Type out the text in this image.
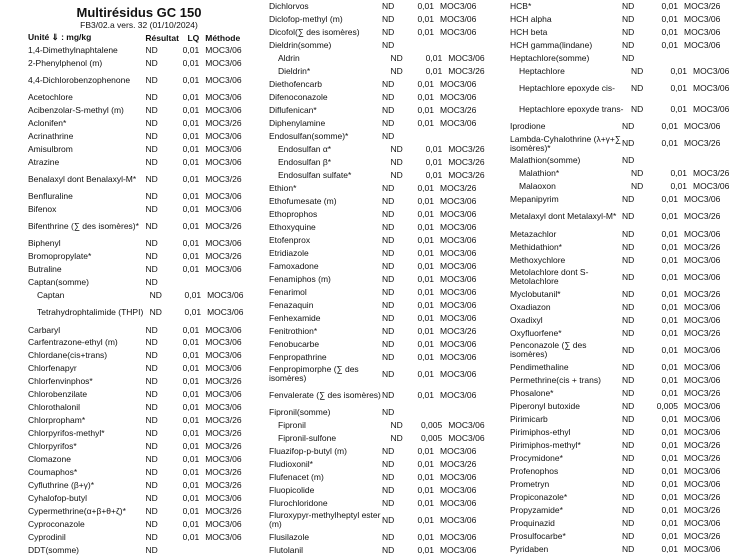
Multirésidus GC 150
FB3/02.a vers. 32 (01/10/2024)
Unité ⇓ : mg/kg	Résultat	LQ Méthode
1,4-Dimethylnaphtalene	ND	0,01 MOC3/06
2-Phenylphenol (m)	ND	0,01 MOC3/06
4,4-Dichlorobenzophenone	ND	0,01 MOC3/06
Acetochlore	ND	0,01 MOC3/06
Acibenzolar-S-methyl (m)	ND	0,01 MOC3/06
Aclonifen*	ND	0,01 MOC3/26
Acrinathrine	ND	0,01 MOC3/06
Amisulbrom	ND	0,01 MOC3/06
Atrazine	ND	0,01 MOC3/06
Benalaxyl dont Benalaxyl-M*	ND	0,01 MOC3/26
Benfluraline	ND	0,01 MOC3/06
Bifenox	ND	0,01 MOC3/06
Bifenthrine (∑ des isomères)* ND	0,01 MOC3/26
Biphenyl	ND	0,01 MOC3/06
Bromopropylate*	ND	0,01 MOC3/26
Butraline	ND	0,01 MOC3/06
Captan(somme)	ND
Captan	ND	0,01 MOC3/06
Tetrahydrophtalimide (THPI) ND	0,01 MOC3/06
Carbaryl	ND	0,01 MOC3/06
Carfentrazone-ethyl (m)	ND	0,01 MOC3/06
Chlordane(cis+trans)	ND	0,01 MOC3/06
Chlorfenapyr	ND	0,01 MOC3/06
Chlorfenvinphos*	ND	0,01 MOC3/26
Chlorobenzilate	ND	0,01 MOC3/06
Chlorothalonil	ND	0,01 MOC3/06
Chlorpropham*	ND	0,01 MOC3/26
Chlorpyrifos-methyl*	ND	0,01 MOC3/26
Chlorpyrifos*	ND	0,01 MOC3/26
Clomazone	ND	0,01 MOC3/06
Coumaphos*	ND	0,01 MOC3/26
Cyfluthrine (β+γ)*	ND	0,01 MOC3/26
Cyhalofop-butyl	ND	0,01 MOC3/06
Cypermethrine(α+β+θ+ζ)*	ND	0,01 MOC3/26
Cyproconazole	ND	0,01 MOC3/06
Cyprodinil	ND	0,01 MOC3/06
DDT(somme)	ND
Dichlorvos	ND	0,01 MOC3/06
Diclofop-methyl (m)	ND	0,01 MOC3/06
Dicofol(∑ des isomères)	ND	0,01 MOC3/06
Dieldrin(somme)	ND
Aldrin	ND	0,01 MOC3/06
Dieldrin*	ND	0,01 MOC3/26
Diethofencarb	ND	0,01 MOC3/06
Difenoconazole	ND	0,01 MOC3/06
Diflufenican*	ND	0,01 MOC3/26
Diphenylamine	ND	0,01 MOC3/06
Endosulfan(somme)*	ND
Endosulfan α*	ND	0,01 MOC3/26
Endosulfan β*	ND	0,01 MOC3/26
Endosulfan sulfate*	ND	0,01 MOC3/26
Ethion*	ND	0,01 MOC3/26
Ethofumesate (m)	ND	0,01 MOC3/06
Ethoprophos	ND	0,01 MOC3/06
Ethoxyquine	ND	0,01 MOC3/06
Etofenprox	ND	0,01 MOC3/06
Etridiazole	ND	0,01 MOC3/06
Famoxadone	ND	0,01 MOC3/06
Fenamiphos (m)	ND	0,01 MOC3/06
Fenarimol	ND	0,01 MOC3/06
Fenazaquin	ND	0,01 MOC3/06
Fenhexamide	ND	0,01 MOC3/06
Fenitrothion*	ND	0,01 MOC3/26
Fenobucarbe	ND	0,01 MOC3/06
Fenpropathrine	ND	0,01 MOC3/06
Fenpropimorphe (∑ des isomères)	ND	0,01 MOC3/06
Fenvalerate (∑ des isomères) ND	0,01 MOC3/06
Fipronil(somme)	ND
Fipronil	ND	0,005 MOC3/06
Fipronil-sulfone	ND	0,005 MOC3/06
Fluazifop-p-butyl (m)	ND	0,01 MOC3/06
Fludioxonil*	ND	0,01 MOC3/26
Flufenacet (m)	ND	0,01 MOC3/06
Fluopicolide	ND	0,01 MOC3/06
Flurochloridone	ND	0,01 MOC3/06
Fluroxypyr-methylheptyl ester (m)	ND	0,01 MOC3/06
Flusilazole	ND	0,01 MOC3/06
Flutolanil	ND	0,01 MOC3/06
HCB*	ND	0,01 MOC3/26
HCH alpha	ND	0,01 MOC3/06
HCH beta	ND	0,01 MOC3/06
HCH gamma(lindane)	ND	0,01 MOC3/06
Heptachlore(somme)	ND
Heptachlore	ND	0,01 MOC3/06
Heptachlore epoxyde cis-	ND	0,01 MOC3/06
Heptachlore epoxyde trans- ND	0,01 MOC3/06
Iprodione	ND	0,01 MOC3/06
Lambda-Cyhalothrine (λ+γ+∑ isomères)*	ND	0,01 MOC3/26
Malathion(somme)	ND
Malathion*	ND	0,01 MOC3/26
Malaoxon	ND	0,01 MOC3/06
Mepanipyrim	ND	0,01 MOC3/06
Metalaxyl dont Metalaxyl-M* ND	0,01 MOC3/26
Metazachlor	ND	0,01 MOC3/06
Methidathion*	ND	0,01 MOC3/26
Methoxychlore	ND	0,01 MOC3/06
Metolachlore dont S-Metolachlore	ND	0,01 MOC3/06
Myclobutanil*	ND	0,01 MOC3/26
Oxadiazon	ND	0,01 MOC3/06
Oxadixyl	ND	0,01 MOC3/06
Oxyfluorfene*	ND	0,01 MOC3/26
Penconazole (∑ des isomères)	ND	0,01 MOC3/06
Pendimethaline	ND	0,01 MOC3/06
Permethrine(cis + trans)	ND	0,01 MOC3/06
Phosalone*	ND	0,01 MOC3/26
Piperonyl butoxide	ND	0,005 MOC3/06
Pirimicarb	ND	0,01 MOC3/06
Pirimiphos-ethyl	ND	0,01 MOC3/06
Pirimiphos-methyl*	ND	0,01 MOC3/26
Procymidone*	ND	0,01 MOC3/26
Profenophos	ND	0,01 MOC3/06
Prometryn	ND	0,01 MOC3/06
Propiconazole*	ND	0,01 MOC3/26
Propyzamide*	ND	0,01 MOC3/26
Proquinazid	ND	0,01 MOC3/06
Prosulfocarbe*	ND	0,01 MOC3/26
Pyridaben	ND	0,01 MOC3/06
